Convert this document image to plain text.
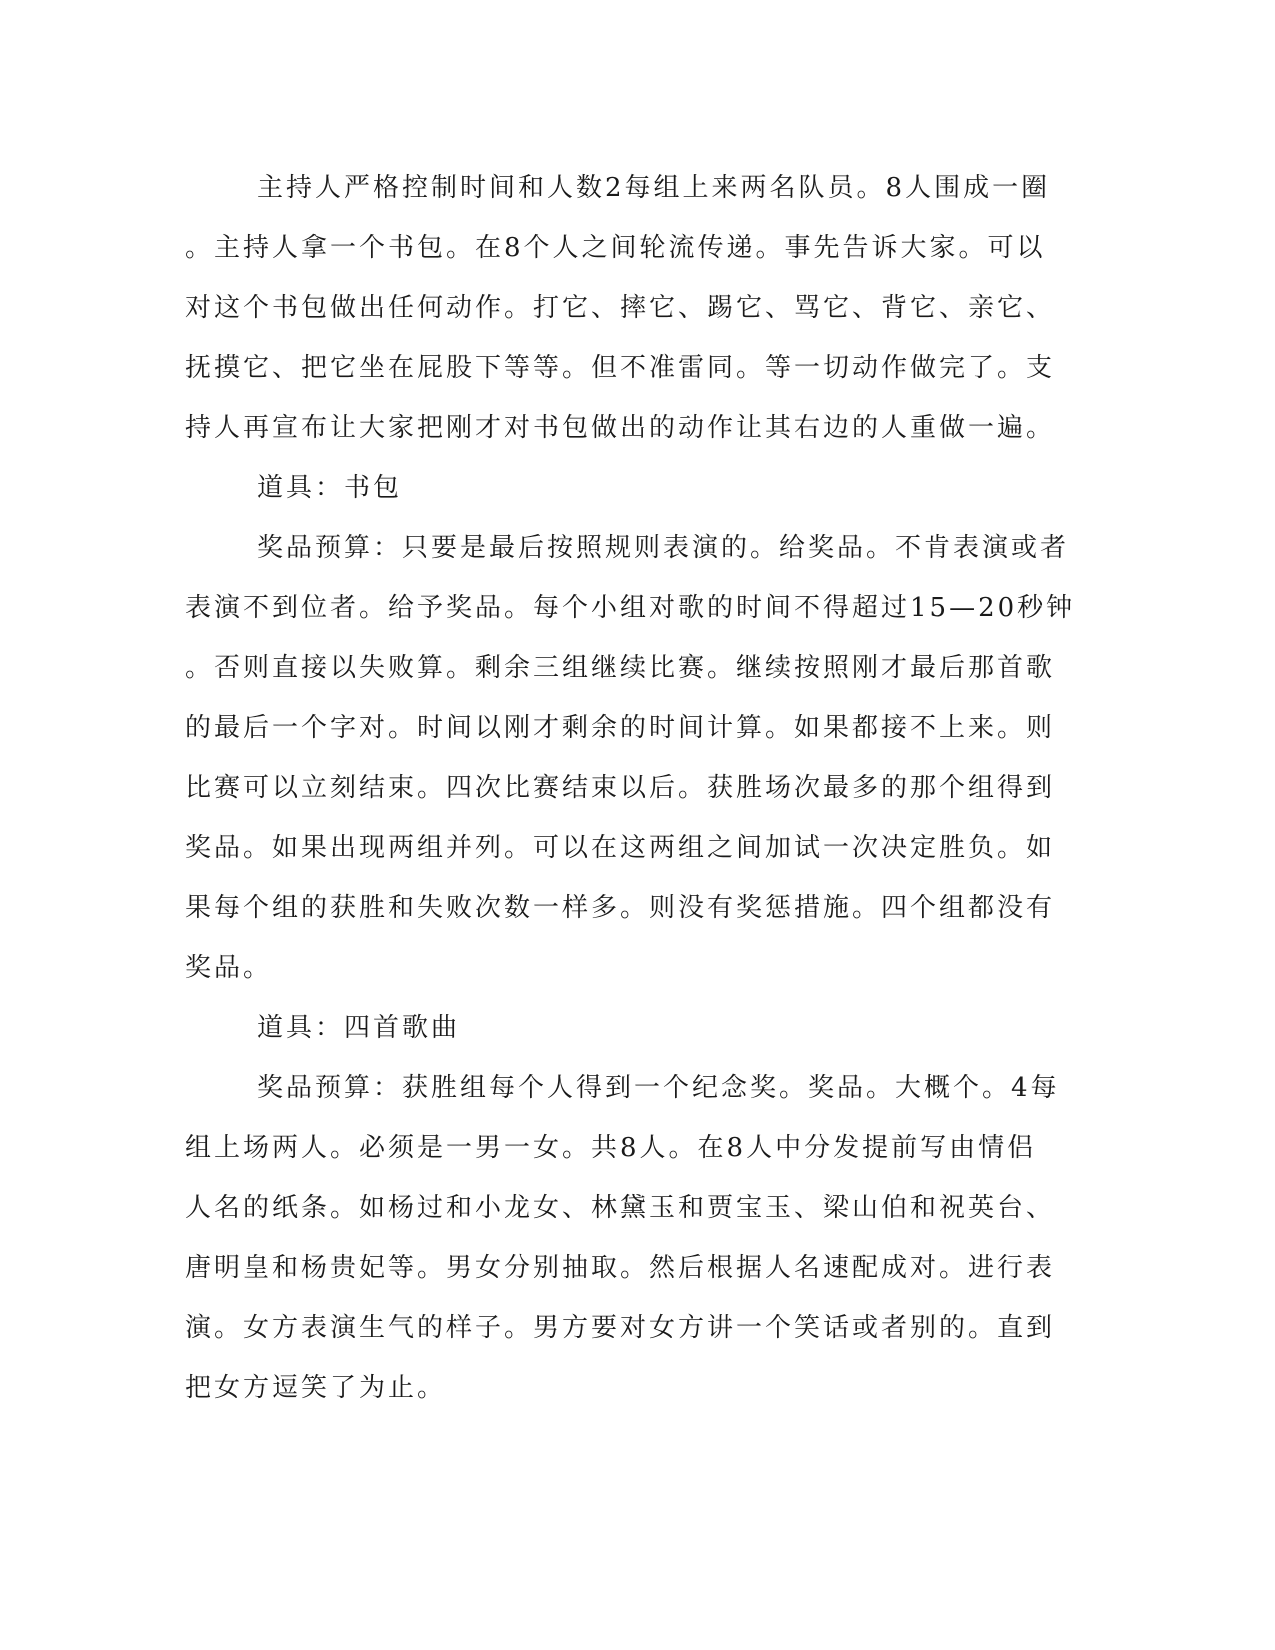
主持人严格控制时间和人数2每组上来两名队员。8人围成一圈
。主持人拿一个书包。在8个人之间轮流传递。事先告诉大家。可以
对这个书包做出任何动作。打它、摔它、踢它、骂它、背它、亲它、
抚摸它、把它坐在屁股下等等。但不准雷同。等一切动作做完了。支
持人再宣布让大家把刚才对书包做出的动作让其右边的人重做一遍。
道具：书包
奖品预算：只要是最后按照规则表演的。给奖品。不肯表演或者
表演不到位者。给予奖品。每个小组对歌的时间不得超过15—20秒钟
。否则直接以失败算。剩余三组继续比赛。继续按照刚才最后那首歌
的最后一个字对。时间以刚才剩余的时间计算。如果都接不上来。则
比赛可以立刻结束。四次比赛结束以后。获胜场次最多的那个组得到
奖品。如果出现两组并列。可以在这两组之间加试一次决定胜负。如
果每个组的获胜和失败次数一样多。则没有奖惩措施。四个组都没有
奖品。
道具：四首歌曲
奖品预算：获胜组每个人得到一个纪念奖。奖品。大概个。4每
组上场两人。必须是一男一女。共8人。在8人中分发提前写由情侣
人名的纸条。如杨过和小龙女、林黛玉和贾宝玉、梁山伯和祝英台、
唐明皇和杨贵妃等。男女分别抽取。然后根据人名速配成对。进行表
演。女方表演生气的样子。男方要对女方讲一个笑话或者别的。直到
把女方逗笑了为止。
